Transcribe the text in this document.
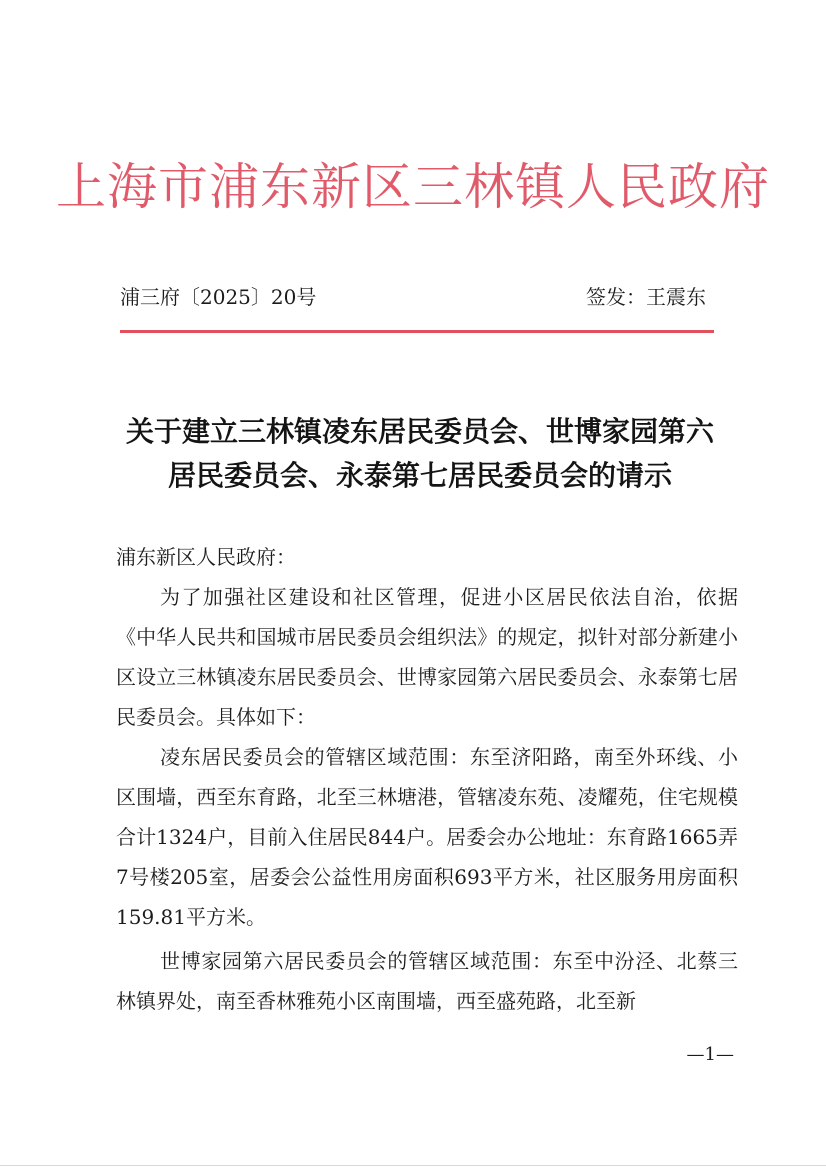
上海市浦东新区三林镇人民政府
浦三府〔2025〕20号	签发：王震东
关于建立三林镇凌东居民委员会、世博家园第六
居民委员会、永泰第七居民委员会的请示

浦东新区人民政府：

为了加强社区建设和社区管理，促进小区居民依法自治，依据《中华人民共和国城市居民委员会组织法》的规定，拟针对部分新建小区设立三林镇凌东居民委员会、世博家园第六居民委员会、永泰第七居民委员会。具体如下：

凌东居民委员会的管辖区域范围：东至济阳路，南至外环线、小区围墙，西至东育路，北至三林塘港，管辖凌东苑、凌耀苑，住宅规模合计1324户，目前入住居民844户。居委会办公地址：东育路1665弄7号楼205室，居委会公益性用房面积693平方米，社区服务用房面积159.81平方米。

世博家园第六居民委员会的管辖区域范围：东至中汾泾、北蔡三林镇界处，南至香林雅苑小区南围墙，西至盛苑路，北至新

—1—
